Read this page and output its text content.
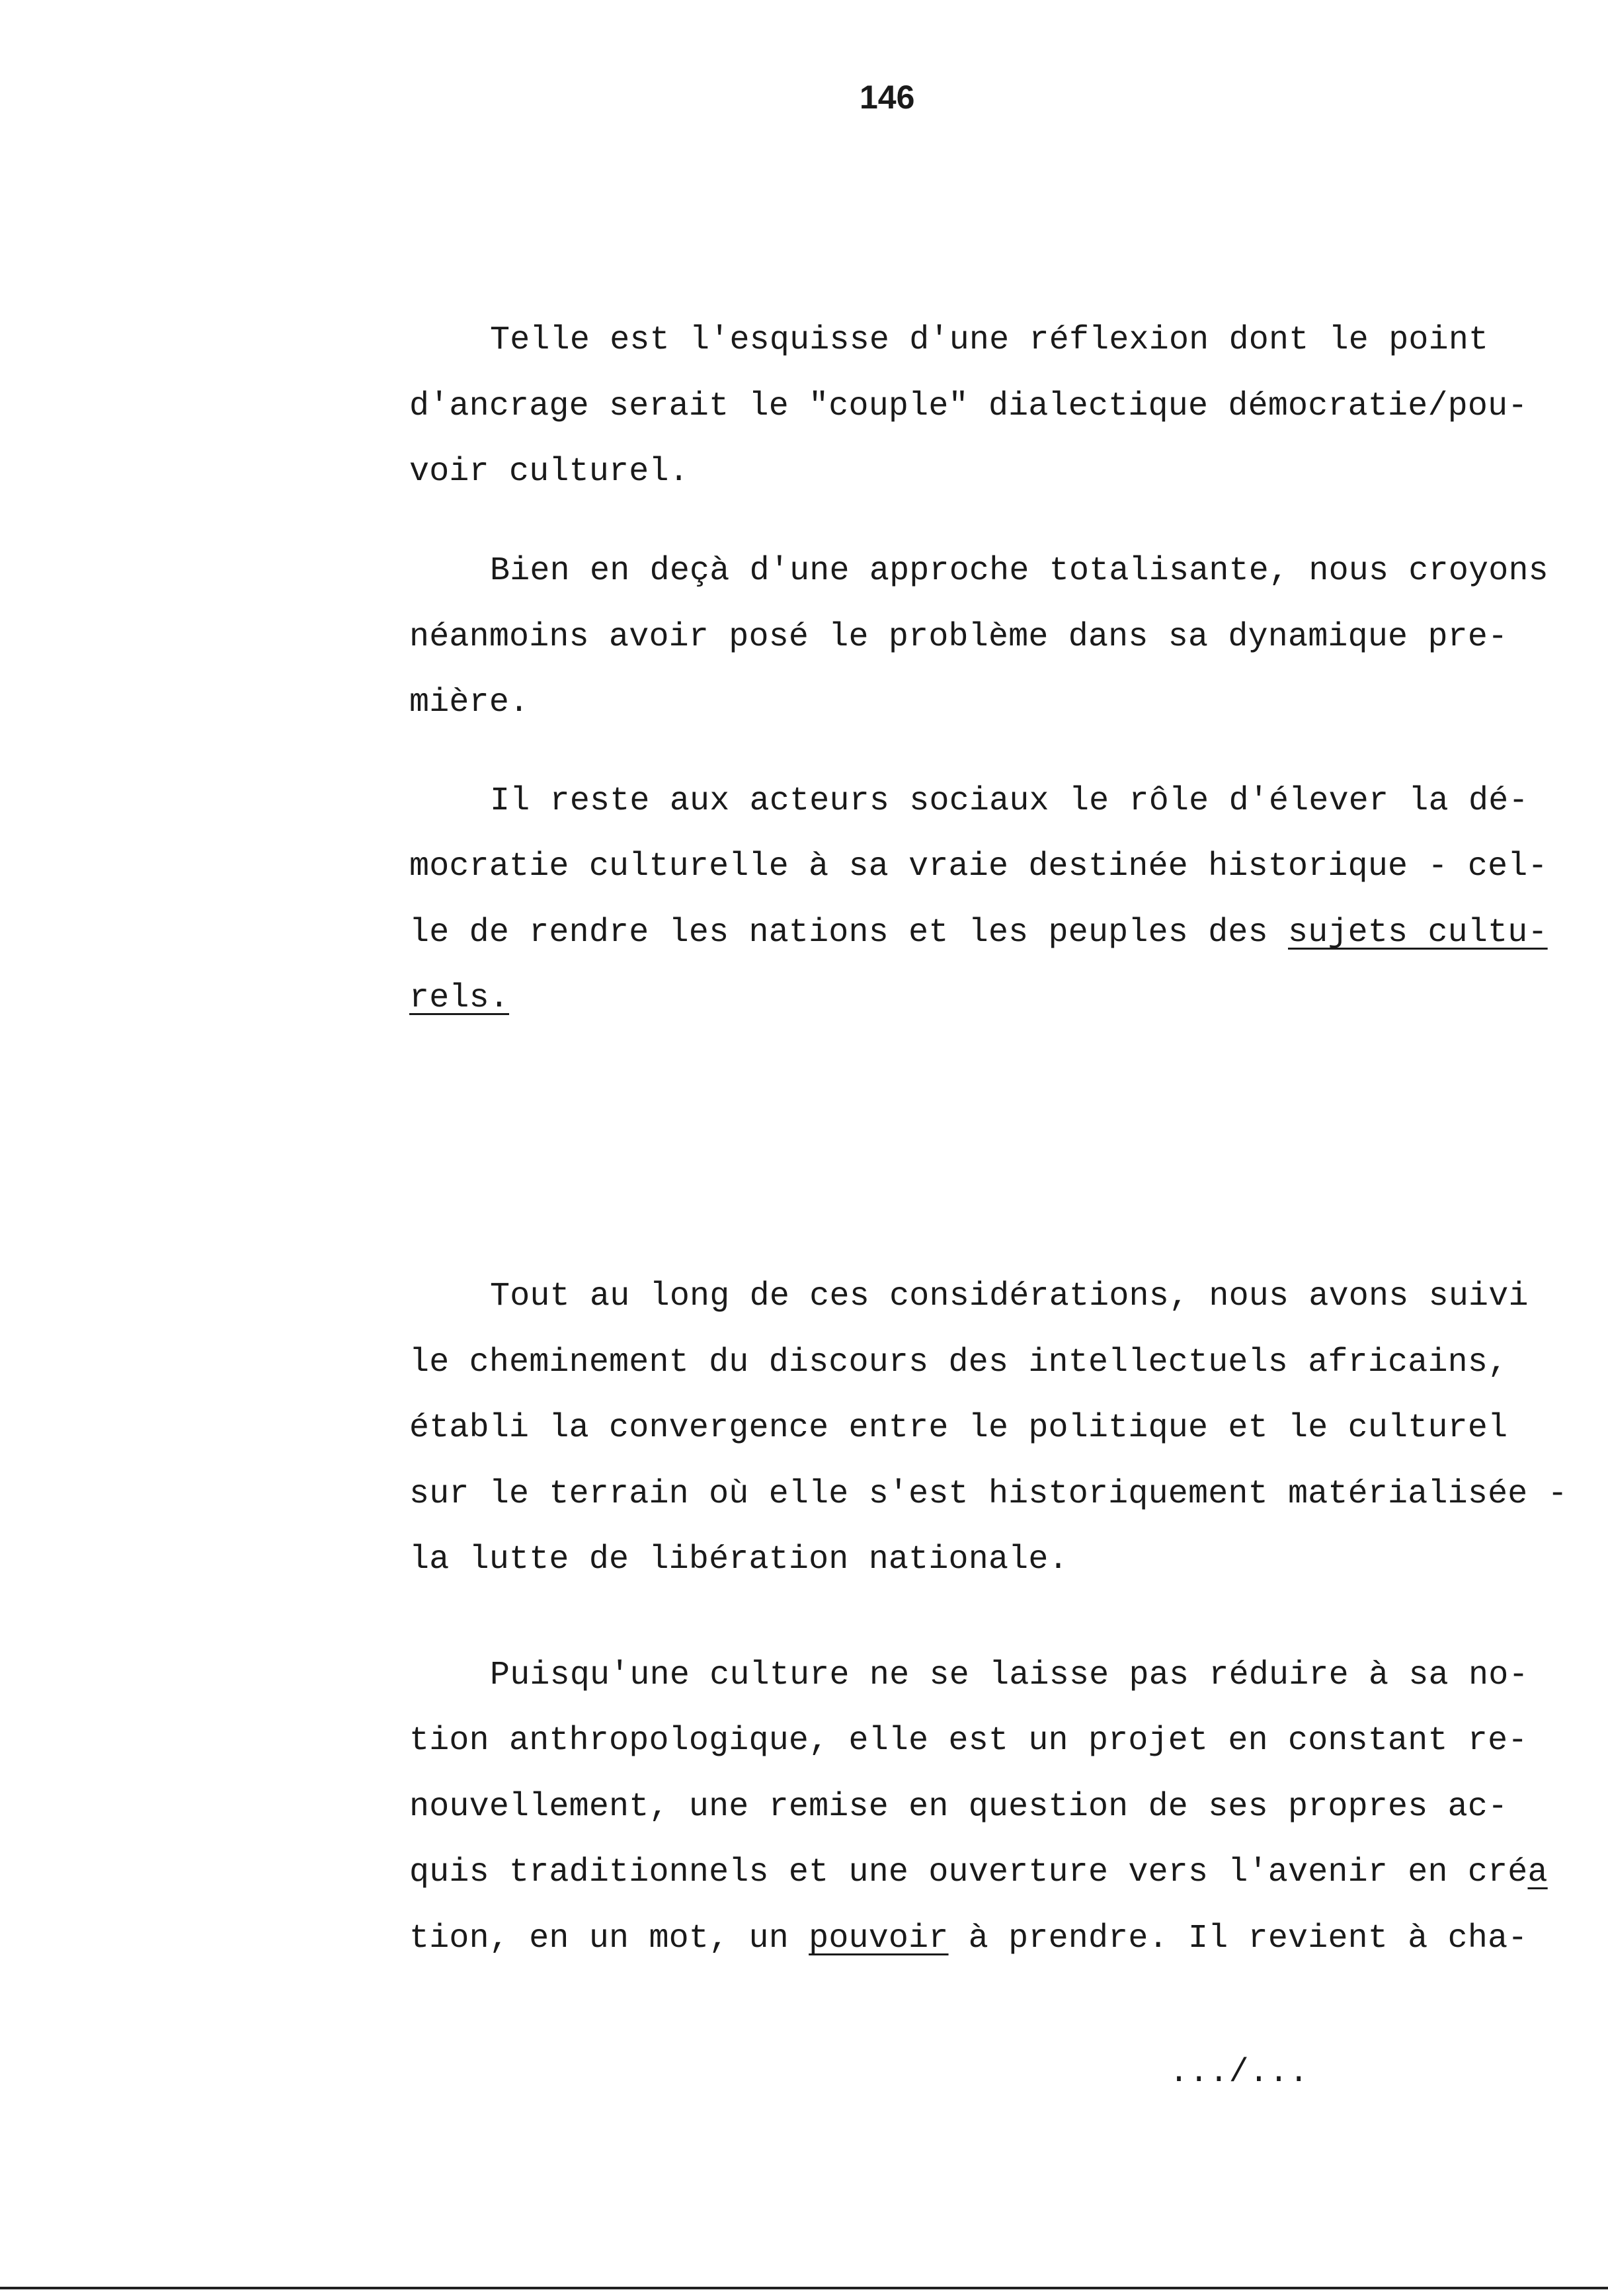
146
Telle est l'esquisse d'une réflexion dont le point
d'ancrage serait le "couple" dialectique démocratie/pou-
voir culturel.
Bien en deçà d'une approche totalisante, nous croyons
néanmoins avoir posé le problème dans sa dynamique pre-
mière.
Il reste aux acteurs sociaux le rôle d'élever la dé-
mocratie culturelle à sa vraie destinée historique - cel-
le de rendre les nations et les peuples des sujets cultu-
rels.
Tout au long de ces considérations, nous avons suivi
le cheminement du discours des intellectuels africains,
établi la convergence entre le politique et le culturel
sur le terrain où elle s'est historiquement matérialisée -
la lutte de libération nationale.
Puisqu'une culture ne se laisse pas réduire à sa no-
tion anthropologique, elle est un projet en constant re-
nouvellement, une remise en question de ses propres ac-
quis traditionnels et une ouverture vers l'avenir en créa
tion, en un mot, un pouvoir à prendre. Il revient à cha-
.../...
